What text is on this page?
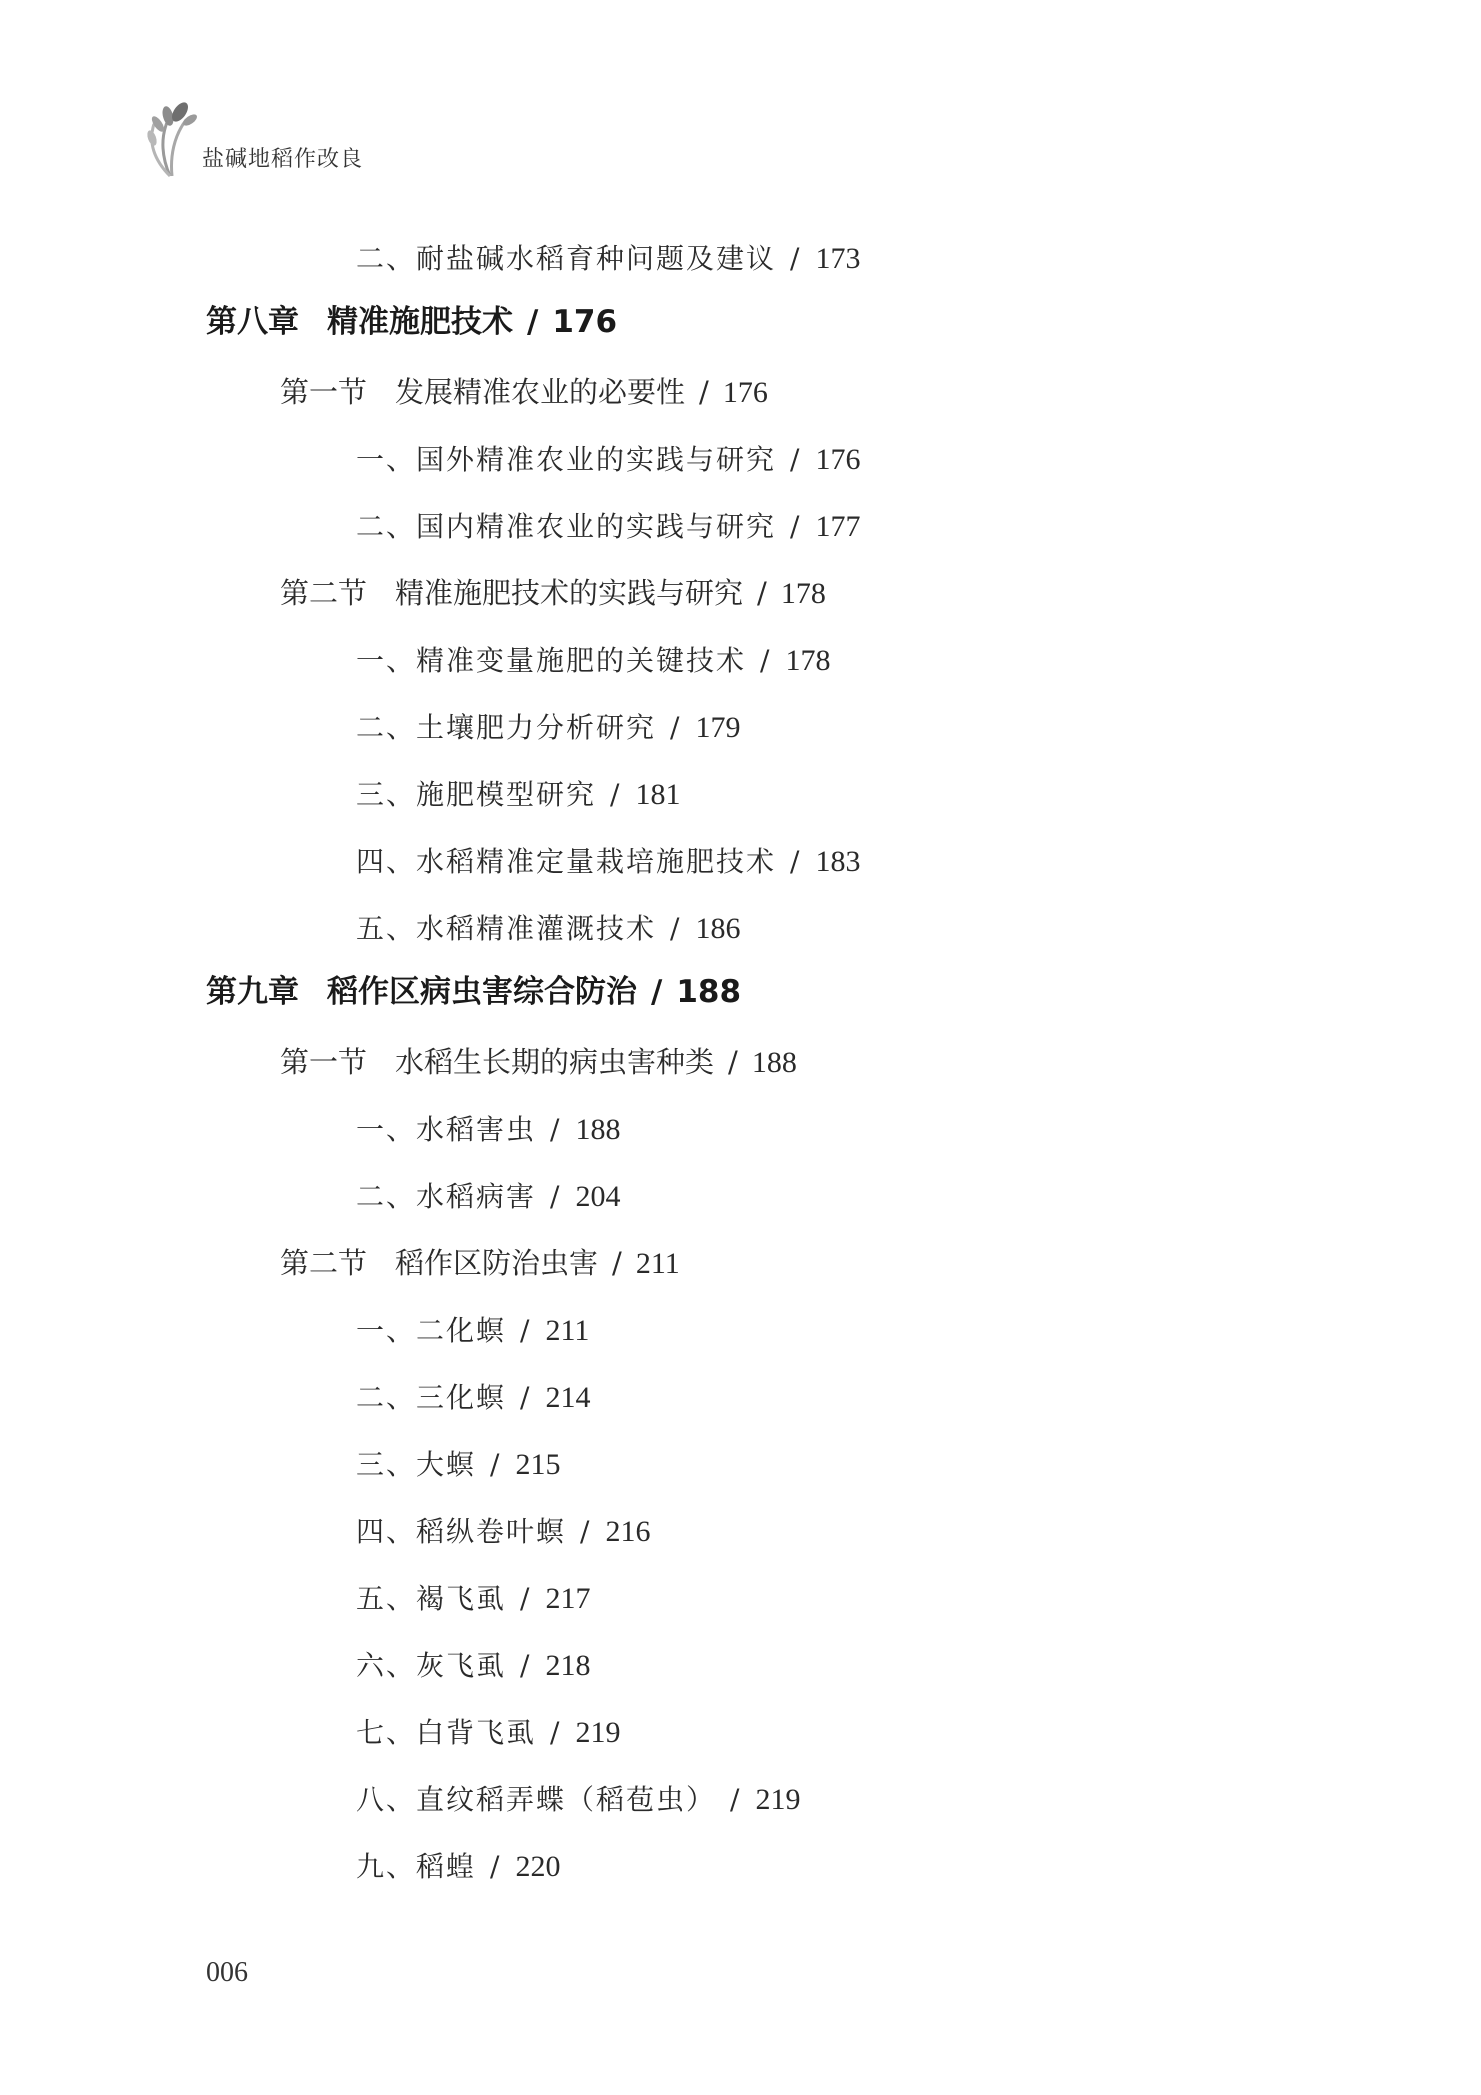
盐碱地稻作改良
二、耐盐碱水稻育种问题及建议 / 173
第八章 精准施肥技术 / 176
第一节 发展精准农业的必要性 / 176
一、国外精准农业的实践与研究 / 176
二、国内精准农业的实践与研究 / 177
第二节 精准施肥技术的实践与研究 / 178
一、精准变量施肥的关键技术 / 178
二、土壤肥力分析研究 / 179
三、施肥模型研究 / 181
四、水稻精准定量栽培施肥技术 / 183
五、水稻精准灌溉技术 / 186
第九章 稻作区病虫害综合防治 / 188
第一节 水稻生长期的病虫害种类 / 188
一、水稻害虫 / 188
二、水稻病害 / 204
第二节 稻作区防治虫害 / 211
一、二化螟 / 211
二、三化螟 / 214
三、大螟 / 215
四、稻纵卷叶螟 / 216
五、褐飞虱 / 217
六、灰飞虱 / 218
七、白背飞虱 / 219
八、直纹稻弄蝶（稻苞虫） / 219
九、稻蝗 / 220
006
